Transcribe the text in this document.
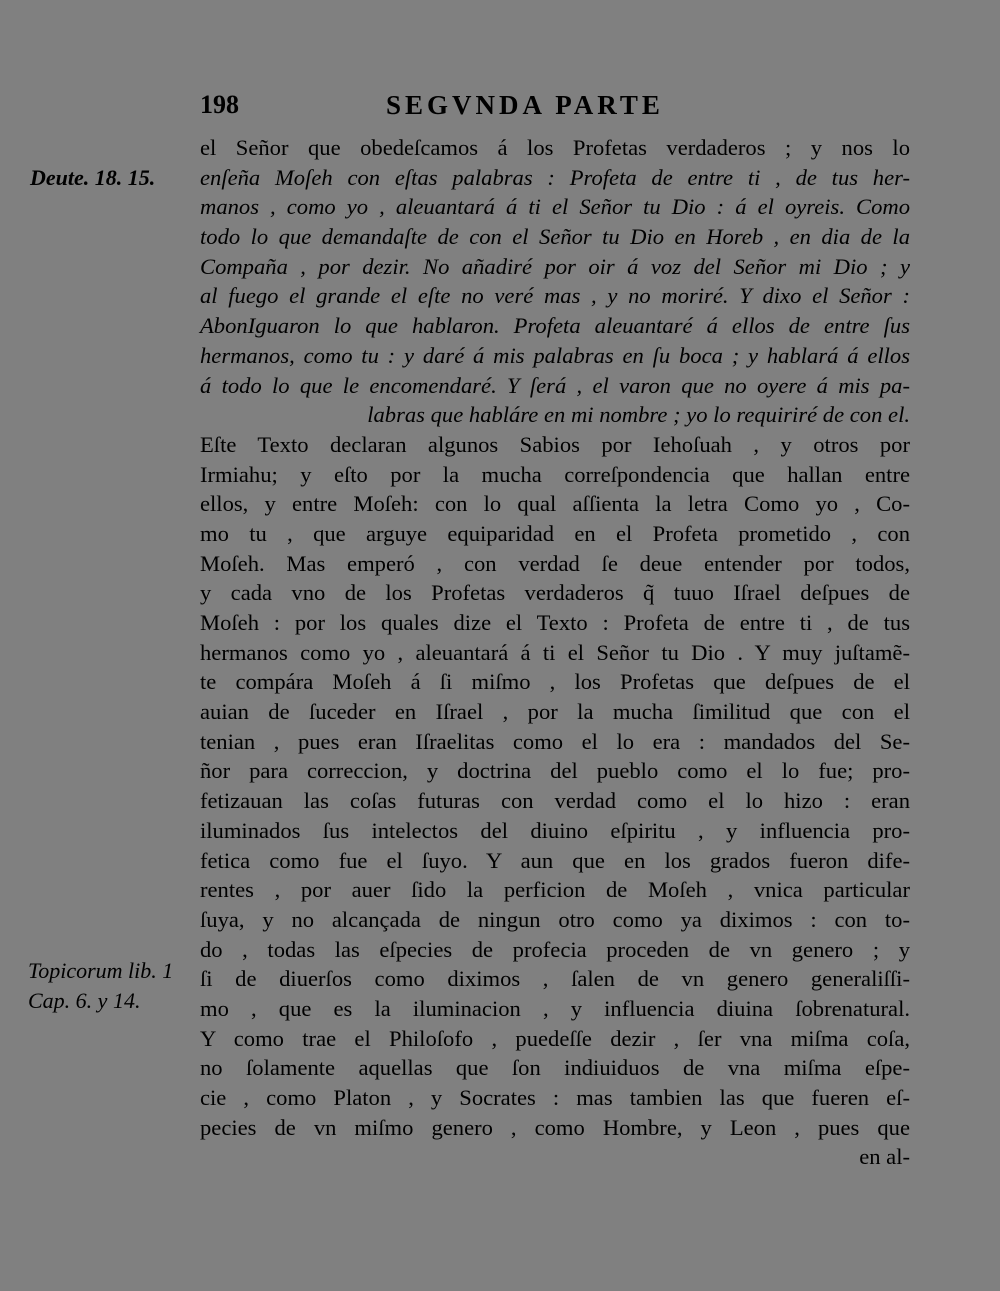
198	SEGVNDA PARTE
Deute. 18. 15.
Topicorum lib. 1
Cap. 6. y 14.
el Señor que obedeſcamos á los Profetas verdaderos ; y nos lo
enſeña Moſeh con eſtas palabras : Profeta de entre ti , de tus her-
manos , como yo , aleuantará á ti el Señor tu Dio : á el oyreis. Como
todo lo que demandaſte de con el Señor tu Dio en Horeb , en dia de la
Compaña , por dezir. No añadiré por oir á voz del Señor mi Dio ; y
al fuego el grande el eſte no veré mas , y no moriré. Y dixo el Señor :
AbonIguaron lo que hablaron. Profeta aleuantaré á ellos de entre ſus
hermanos, como tu : y daré á mis palabras en ſu boca ; y hablará á ellos
á todo lo que le encomendaré. Y ſerá , el varon que no oyere á mis pa-
labras que habláre en mi nombre ; yo lo requiriré de con el.
Eſte Texto declaran algunos Sabios por Iehoſuah , y otros por
Irmiahu; y eſto por la mucha correſpondencia que hallan entre
ellos, y entre Moſeh: con lo qual aſſienta la letra Como yo , Co-
mo tu , que arguye equiparidad en el Profeta prometido , con
Moſeh. Mas emperó , con verdad ſe deue entender por todos,
y cada vno de los Profetas verdaderos q̃ tuuo Iſrael deſpues de
Moſeh : por los quales dize el Texto : Profeta de entre ti , de tus
hermanos como yo , aleuantará á ti el Señor tu Dio . Y muy juſtamẽ-
te compára Moſeh á ſi miſmo , los Profetas que deſpues de el
auian de ſuceder en Iſrael , por la mucha ſimilitud que con el
tenian , pues eran Iſraelitas como el lo era : mandados del Se-
ñor para correccion, y doctrina del pueblo como el lo fue; pro-
fetizauan las coſas futuras con verdad como el lo hizo : eran
iluminados ſus intelectos del diuino eſpiritu , y influencia pro-
fetica como fue el ſuyo. Y aun que en los grados fueron dife-
rentes , por auer ſido la perficion de Moſeh , vnica particular
ſuya, y no alcançada de ningun otro como ya diximos : con to-
do , todas las eſpecies de profecia proceden de vn genero ; y
ſi de diuerſos como diximos , ſalen de vn genero generaliſſi-
mo , que es la iluminacion , y influencia diuina ſobrenatural.
Y como trae el Philoſofo , puedeſſe dezir , ſer vna miſma coſa,
no ſolamente aquellas que ſon indiuiduos de vna miſma eſpe-
cie , como Platon , y Socrates : mas tambien las que fueren eſ-
pecies de vn miſmo genero , como Hombre, y Leon , pues que
en al-
